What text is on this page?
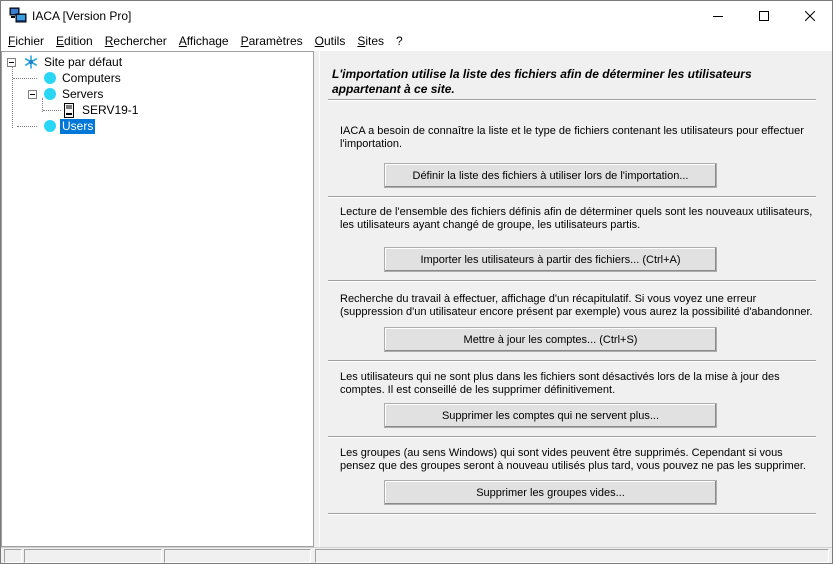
IACA [Version Pro]
Fichier	Edition	Rechercher	Affichage	Paramètres	Outils	Sites	?
Site par défaut
Computers
Servers
SERV19-1
Users
L'importation utilise la liste des fichiers afin de déterminer les utilisateurs appartenant à ce site.
IACA a besoin de connaître la liste et le type de fichiers contenant les utilisateurs pour effectuer l'importation.
Définir la liste des fichiers à utiliser lors de l'importation...
Lecture de l'ensemble des fichiers définis afin de déterminer quels sont les nouveaux utilisateurs, les utilisateurs ayant changé de groupe, les utilisateurs partis.
Importer les utilisateurs à partir des fichiers... (Ctrl+A)
Recherche du travail à effectuer, affichage d'un récapitulatif. Si vous voyez une erreur (suppression d'un utilisateur encore présent par exemple) vous aurez la possibilité d'abandonner.
Mettre à jour les comptes... (Ctrl+S)
Les utilisateurs qui ne sont plus dans les fichiers sont désactivés lors de la mise à jour des comptes. Il est conseillé de les supprimer définitivement.
Supprimer les comptes qui ne servent plus...
Les groupes (au sens Windows) qui sont vides peuvent être supprimés. Cependant si vous pensez que des groupes seront à nouveau utilisés plus tard, vous pouvez ne pas les supprimer.
Supprimer les groupes vides...
